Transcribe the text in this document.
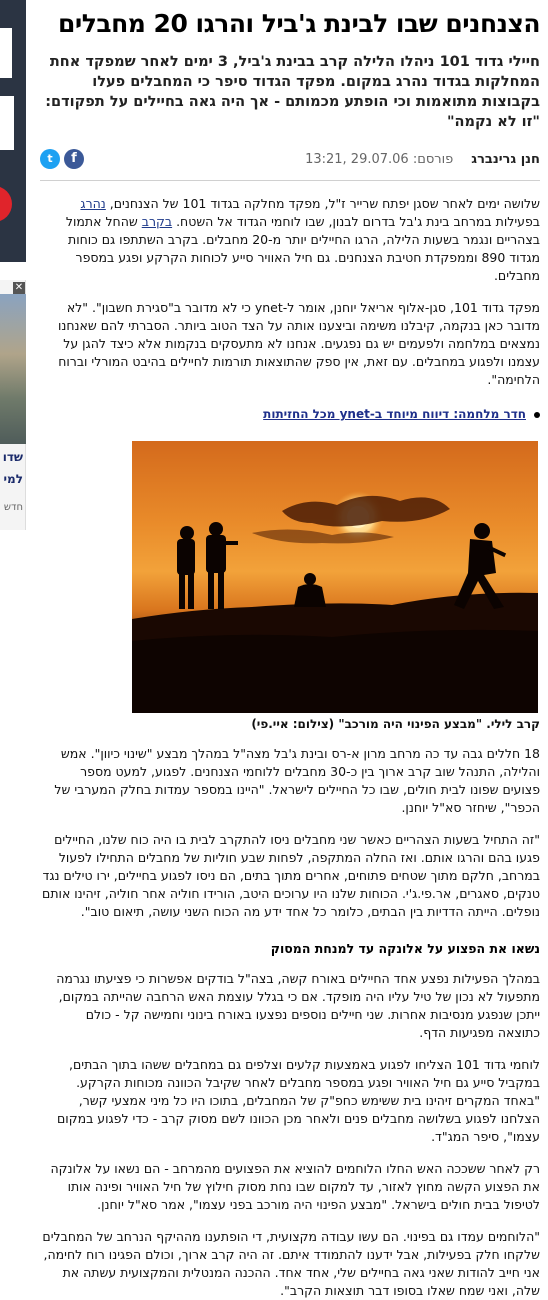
✕
שדו
למי
חדש
הצנחנים שבו לבינת ג'ביל והרגו 20 מחבלים
חיילי גדוד 101 ניהלו הלילה קרב בבינת ג'ביל, 3 ימים לאחר שמפקד אחת המחלקות בגדוד נהרג במקום. מפקד הגדוד סיפר כי המחבלים פעלו בקבוצות מתואמות וכי הופתע מכמותם - אך היה גאה בחיילים על תפקודם: "זו לא נקמה"
חנן גרינברג
פורסם: 29.07.06 ,13:21
t	f

שלושה ימים לאחר שסגן יפתח שרייר ז"ל, מפקד מחלקה בגדוד 101 של הצנחנים, נהרג בפעילות במרחב בינת ג'בל בדרום לבנון, שבו לוחמי הגדוד אל השטח. בקרב שהחל אתמול בצהריים ונגמר בשעות הלילה, הרגו החיילים יותר מ-20 מחבלים. בקרב השתתפו גם כוחות מגדוד 890 וממפקדת חטיבת הצנחנים. גם חיל האוויר סייע לכוחות הקרקע ופגע במספר מחבלים.

מפקד גדוד 101, סגן-אלוף אריאל יוחנן, אומר ל-ynet כי לא מדובר ב"סגירת חשבון". "לא מדובר כאן בנקמה, קיבלנו משימה וביצענו אותה על הצד הטוב ביותר. הסברתי להם שאנחנו נמצאים במלחמה ולפעמים יש גם נפגעים. אנחנו לא מתעסקים בנקמות אלא כיצד להגן על עצמנו ולפגוע במחבלים. עם זאת, אין ספק שהתוצאות תורמות לחיילים בהיבט המורלי וברוח הלחימה".

חדר מלחמה: דיווח מיוחד ב-ynet מכל החזיתות
קרב לילי. "מבצע הפינוי היה מורכב" (צילום: איי.פי)

18 חללים גבה עד כה מרחב מרון א-רס ובינת ג'בל מצה"ל במהלך מבצע "שינוי כיוון". אמש והלילה, התנהל שוב קרב ארוך בין כ-30 מחבלים ללוחמי הצנחנים. לפגוע, למעט מספר פצועים שפונו לבית חולים, שבו כל החיילים לישראל. "היינו במספר עמדות בחלק המערבי של הכפר", שיחזר סא"ל יוחנן.

"זה התחיל בשעות הצהריים כאשר שני מחבלים ניסו להתקרב לבית בו היה כוח שלנו, החיילים פגעו בהם והרגו אותם. ואז החלה המתקפה, לפחות שבע חוליות של מחבלים התחילו לפעול במרחב, חלקם מתוך שטחים פתוחים, אחרים מתוך בתים, הם ניסו לפגוע בחיילים, ירו טילים נגד טנקים, סאגרים, אר.פי.ג'י. הכוחות שלנו היו ערוכים היטב, הורידו חוליה אחר חוליה, זיהינו אותם נופלים. הייתה הדדיות בין הבתים, כלומר כל אחד ידע מה הכוח השני עושה, תיאום טוב".

נשאו את הפצוע על אלונקה עד למנחת המסוק

במהלך הפעילות נפצע אחד החיילים באורח קשה, בצה"ל בודקים אפשרות כי פציעתו נגרמה מתפעול לא נכון של טיל עליו היה מופקד. אם כי בגלל עוצמת האש הרחבה שהייתה במקום, ייתכן שנפגע מנסיבות אחרות. שני חיילים נוספים נפצעו באורח בינוני וחמישה קל - כולם כתוצאה מפגיעות הדף.

לוחמי גדוד 101 הצליחו לפגוע באמצעות קלעים וצלפים גם במחבלים ששהו בתוך הבתים, במקביל סייע גם חיל האוויר ופגע במספר מחבלים לאחר שקיבל הכוונה מכוחות הקרקע. "באחד המקרים זיהינו בית ששימש כחפ"ק של המחבלים, בתוכו היו כל מיני אמצעי קשר, הצלחנו לפגוע בשלושה מחבלים פנים ולאחר מכן הכוונו לשם מסוק קרב - כדי לפגוע במקום עצמו", סיפר המג"ד.

רק לאחר ששככה האש החלו הלוחמים להוציא את הפצועים מהמרחב - הם נשאו על אלונקה את הפצוע הקשה מחוץ לאזור, עד למקום שבו נחת מסוק חילוץ של חיל האוויר ופינה אותו לטיפול בבית חולים בישראל. "מבצע הפינוי היה מורכב בפני עצמו", אמר סא"ל יוחנן.

"הלוחמים עמדו גם בפינוי. הם עשו עבודה מקצועית, די הופתענו מההיקף הנרחב של המחבלים שלקחו חלק בפעילות, אבל ידענו להתמודד איתם. זה היה קרב ארוך, וכולם הפגינו רוח לחימה, אני חייב להודות שאני גאה בחיילים שלי, אחד אחד. ההכנה המנטלית והמקצועית עשתה את שלה, ואני שמח שאלו בסופו דבר תוצאות הקרב".
